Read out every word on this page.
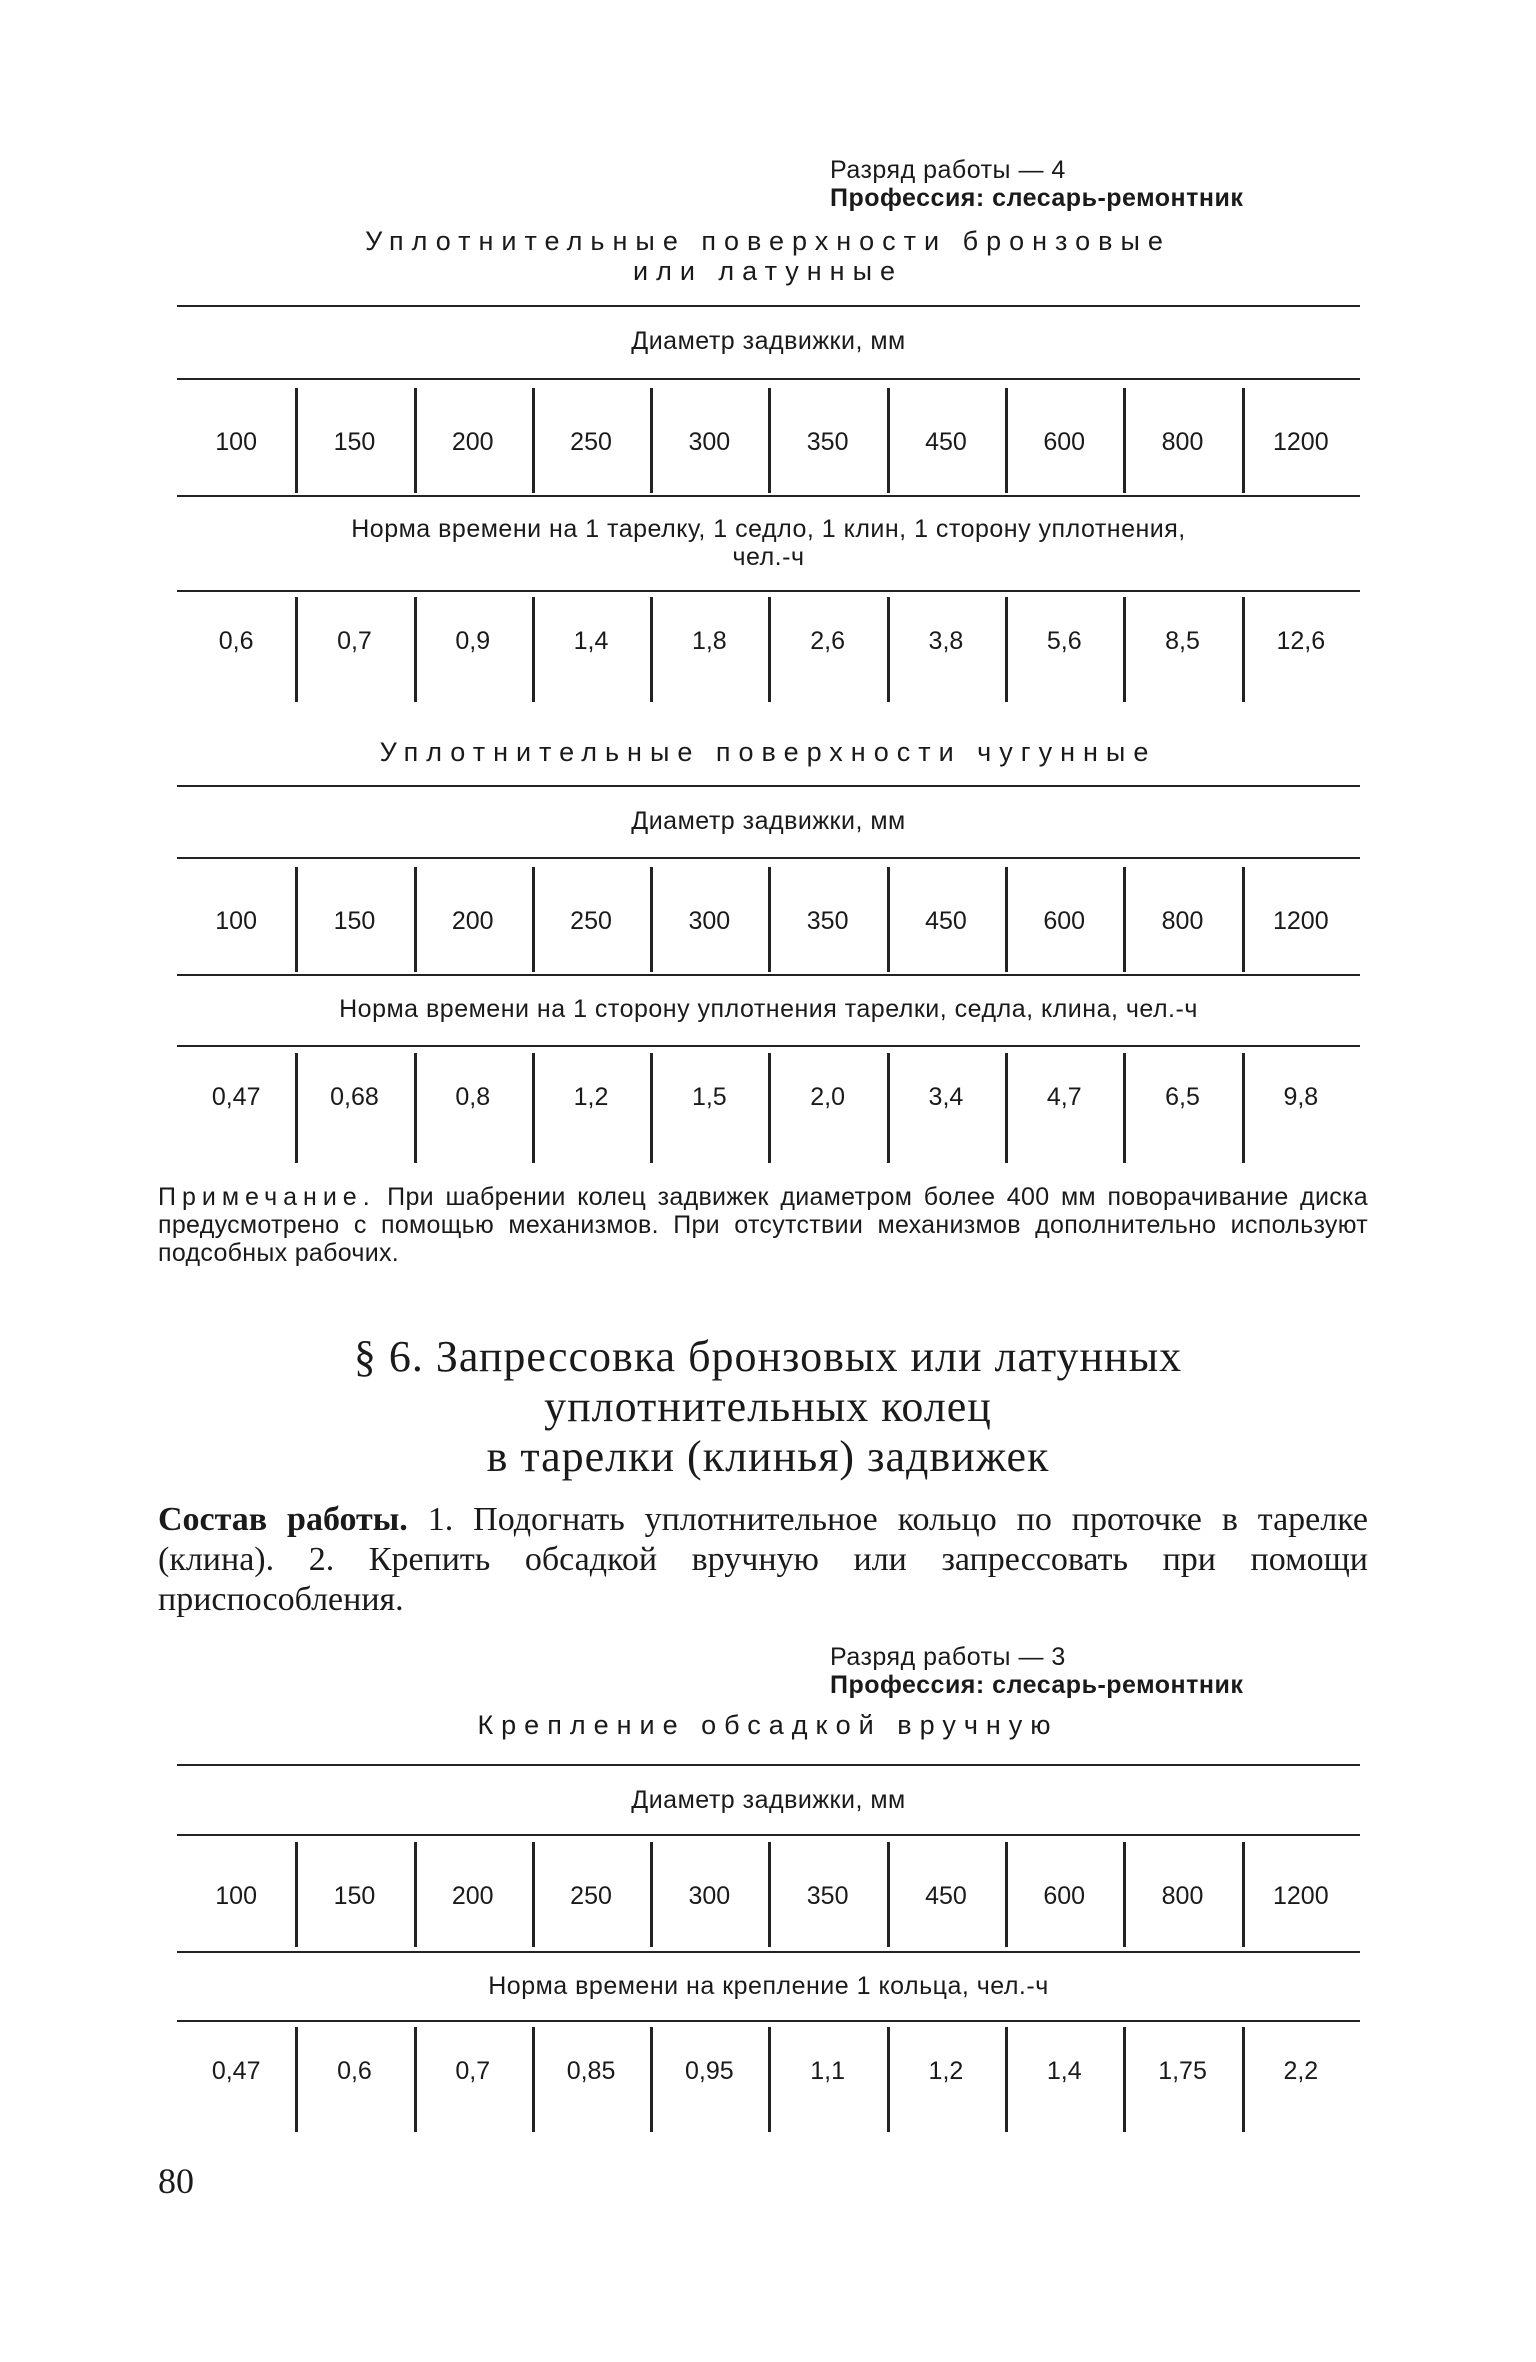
Разряд работы — 4
Профессия: слесарь-ремонтник
Уплотнительные поверхности бронзовые
или латунные
Диаметр задвижки, мм
100	150	200	250	300	350	450	600	800	1200
Норма времени на 1 тарелку, 1 седло, 1 клин, 1 сторону уплотнения,
чел.-ч
0,6	0,7	0,9	1,4	1,8	2,6	3,8	5,6	8,5	12,6
Уплотнительные поверхности чугунные
Диаметр задвижки, мм
100	150	200	250	300	350	450	600	800	1200
Норма времени на 1 сторону уплотнения тарелки, седла, клина, чел.-ч
0,47	0,68	0,8	1,2	1,5	2,0	3,4	4,7	6,5	9,8
Примечание. При шабрении колец задвижек диаметром более 400 мм поворачивание диска предусмотрено с помощью механизмов. При отсутствии механизмов дополнительно используют подсобных рабочих.
§ 6. Запрессовка бронзовых или латунных
уплотнительных колец
в тарелки (клинья) задвижек
Состав работы. 1. Подогнать уплотнительное кольцо по проточке в тарелке (клина). 2. Крепить обсадкой вручную или запрессовать при помощи приспособления.
Разряд работы — 3
Профессия: слесарь-ремонтник
Крепление обсадкой вручную
Диаметр задвижки, мм
100	150	200	250	300	350	450	600	800	1200
Норма времени на крепление 1 кольца, чел.-ч
0,47	0,6	0,7	0,85	0,95	1,1	1,2	1,4	1,75	2,2
80
